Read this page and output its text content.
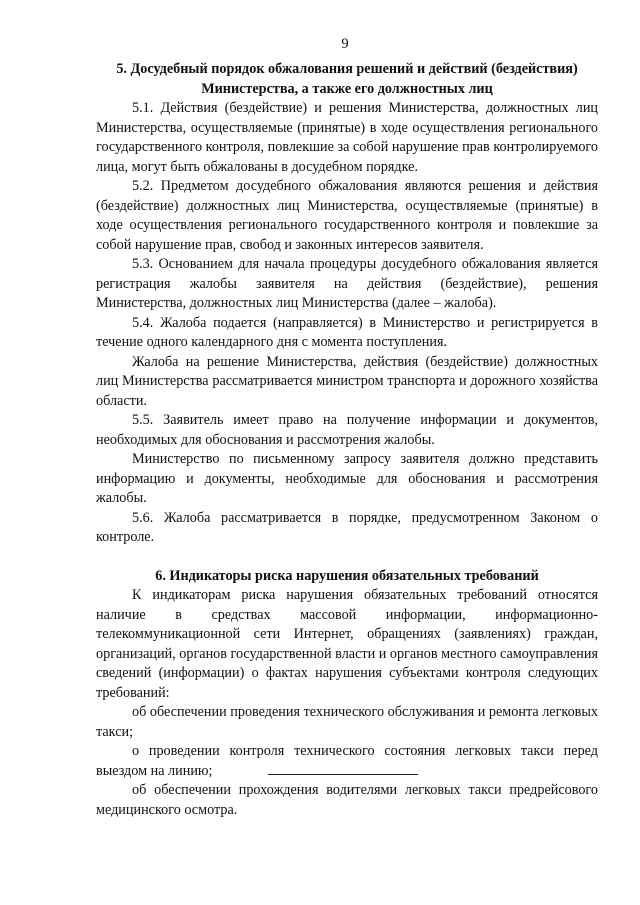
9

5. Досудебный порядок обжалования решений и действий (бездействия)

Министерства, а также его должностных лиц

5.1. Действия (бездействие) и решения Министерства, должностных лиц Министерства, осуществляемые (принятые) в ходе осуществления регионального государственного контроля, повлекшие за собой нарушение прав контролируемого лица, могут быть обжалованы в досудебном порядке.

5.2. Предметом досудебного обжалования являются решения и действия (бездействие) должностных лиц Министерства, осуществляемые (принятые) в ходе осуществления регионального государственного контроля и повлекшие за собой нарушение прав, свобод и законных интересов заявителя.

5.3. Основанием для начала процедуры досудебного обжалования является регистрация жалобы заявителя на действия (бездействие), решения Министерства, должностных лиц Министерства (далее – жалоба).

5.4. Жалоба подается (направляется) в Министерство и регистрируется в течение одного календарного дня с момента поступления.

Жалоба на решение Министерства, действия (бездействие) должностных лиц Министерства рассматривается министром транспорта и дорожного хозяйства области.

5.5. Заявитель имеет право на получение информации и документов, необходимых для обоснования и рассмотрения жалобы.

Министерство по письменному запросу заявителя должно представить информацию и документы, необходимые для обоснования и рассмотрения жалобы.

5.6. Жалоба рассматривается в порядке, предусмотренном Законом о контроле.

6. Индикаторы риска нарушения обязательных требований

К индикаторам риска нарушения обязательных требований относятся наличие в средствах массовой информации, информационно-телекоммуникационной сети Интернет, обращениях (заявлениях) граждан, организаций, органов государственной власти и органов местного самоуправления сведений (информации) о фактах нарушения субъектами контроля следующих требований:

об обеспечении проведения технического обслуживания и ремонта легковых такси;

о проведении контроля технического состояния легковых такси перед выездом на линию;

об обеспечении прохождения водителями легковых такси предрейсового медицинского осмотра.
